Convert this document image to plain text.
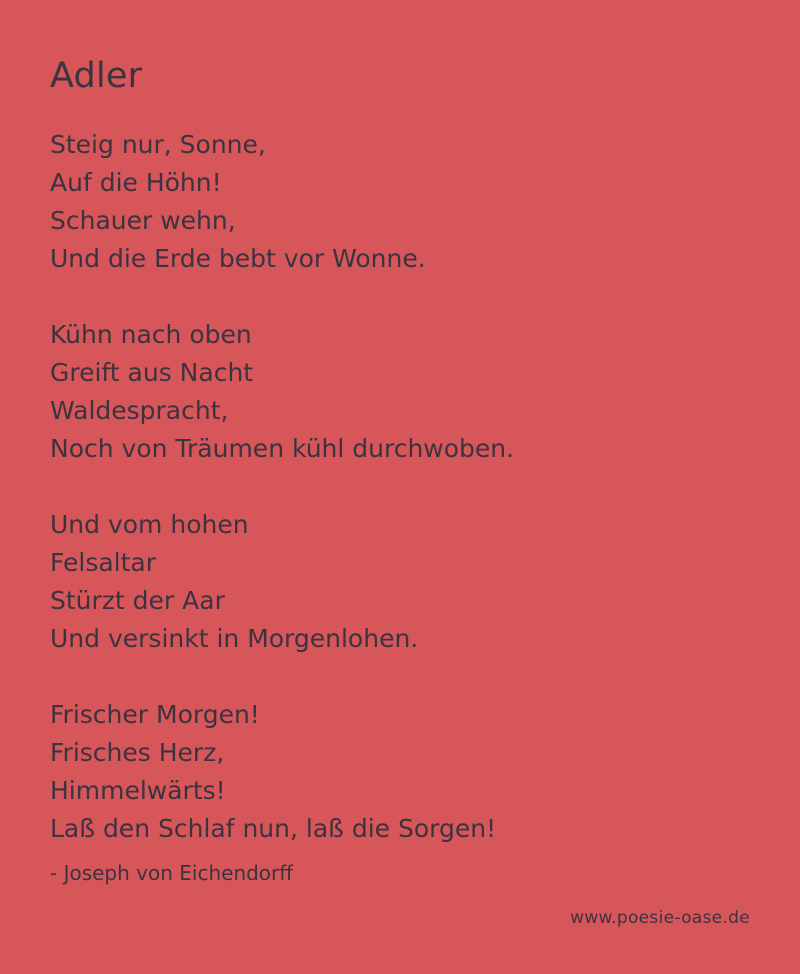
Adler
Steig nur, Sonne,
Auf die Höhn!
Schauer wehn,
Und die Erde bebt vor Wonne.
Kühn nach oben
Greift aus Nacht
Waldespracht,
Noch von Träumen kühl durchwoben.
Und vom hohen
Felsaltar
Stürzt der Aar
Und versinkt in Morgenlohen.
Frischer Morgen!
Frisches Herz,
Himmelwärts!
Laß den Schlaf nun, laß die Sorgen!
- Joseph von Eichendorff
www.poesie-oase.de
